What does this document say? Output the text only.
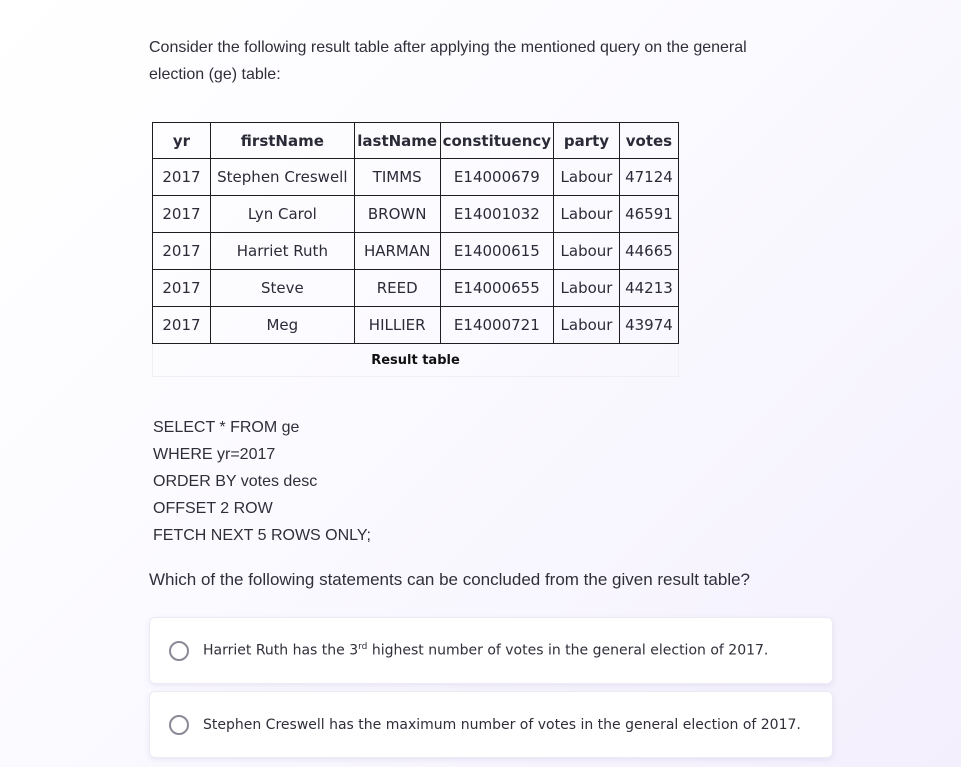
Consider the following result table after applying the mentioned query on the general
election (ge) table:
yr	firstName	lastName	constituency	party	votes
2017	Stephen Creswell	TIMMS	E14000679	Labour	47124
2017	Lyn Carol	BROWN	E14001032	Labour	46591
2017	Harriet Ruth	HARMAN	E14000615	Labour	44665
2017	Steve	REED	E14000655	Labour	44213
2017	Meg	HILLIER	E14000721	Labour	43974
Result table
SELECT * FROM ge
WHERE yr=2017
ORDER BY votes desc
OFFSET 2 ROW
FETCH NEXT 5 ROWS ONLY;
Which of the following statements can be concluded from the given result table?
Harriet Ruth has the 3rd highest number of votes in the general election of 2017.
Stephen Creswell has the maximum number of votes in the general election of 2017.
